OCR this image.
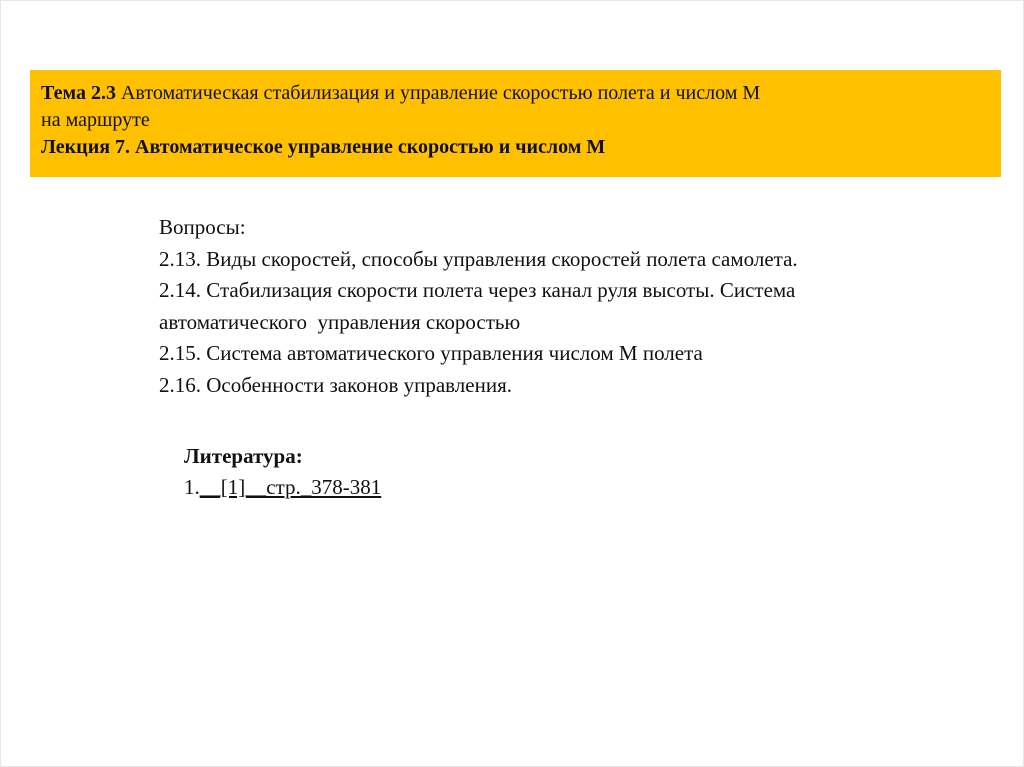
Тема 2.3 Автоматическая стабилизация и управление скоростью полета и числом М
на маршруте
Лекция 7. Автоматическое управление скоростью и числом М
Вопросы:
2.13. Виды скоростей, способы управления скоростей полета самолета.
2.14. Стабилизация скорости полета через канал руля высоты. Система
автоматического  управления скоростью
2.15. Система автоматического управления числом М полета
2.16. Особенности законов управления.
Литература:
1.__[1]__стр._378-381
